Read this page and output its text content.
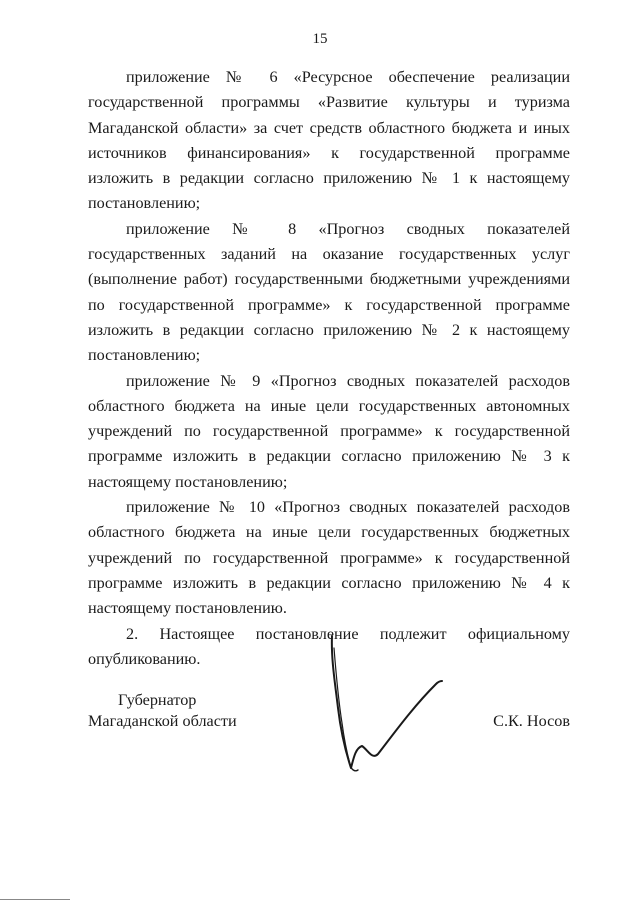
15

приложение № 6 «Ресурсное обеспечение реализации государственной программы «Развитие культуры и туризма Магаданской области» за счет средств областного бюджета и иных источников финансирования» к государственной программе изложить в редакции согласно приложению № 1 к настоящему постановлению;

приложение № 8 «Прогноз сводных показателей государственных заданий на оказание государственных услуг (выполнение работ) государственными бюджетными учреждениями по государственной программе» к государственной программе изложить в редакции согласно приложению № 2 к настоящему постановлению;

приложение № 9 «Прогноз сводных показателей расходов областного бюджета на иные цели государственных автономных учреждений по государственной программе» к государственной программе изложить в редакции согласно приложению № 3 к настоящему постановлению;

приложение № 10 «Прогноз сводных показателей расходов областного бюджета на иные цели государственных бюджетных учреждений по государственной программе» к государственной программе изложить в редакции согласно приложению № 4 к настоящему постановлению.

2. Настоящее постановление подлежит официальному опубликованию.

Губернатор
Магаданской области	С.К. Носов
